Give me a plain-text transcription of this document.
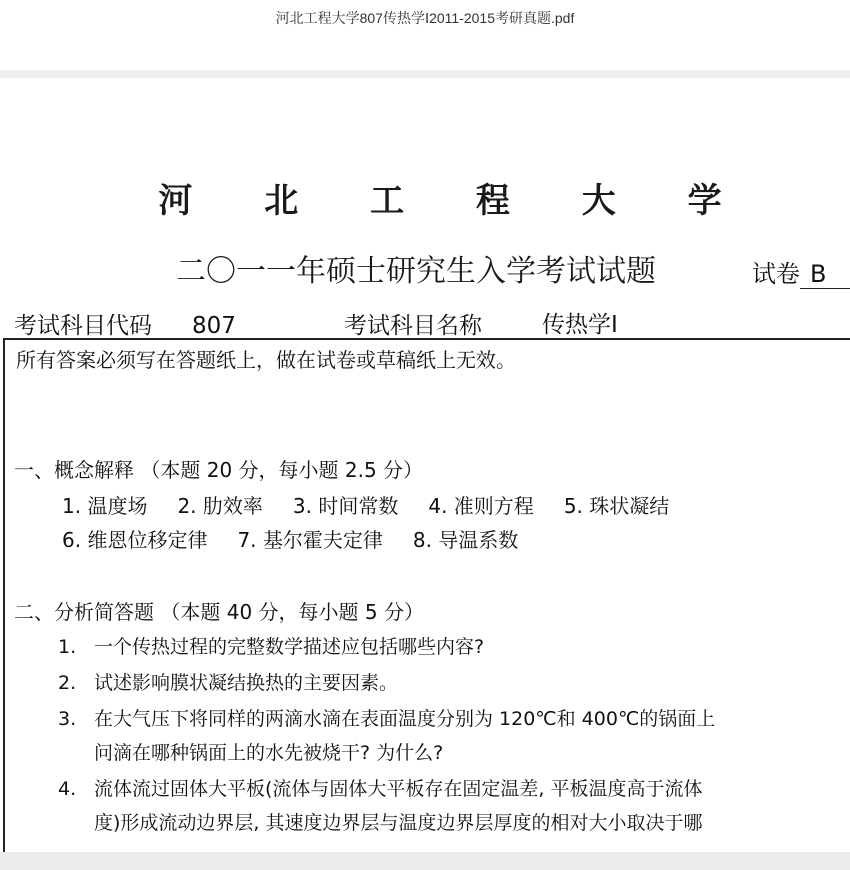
河北工程大学807传热学Ⅰ2011-2015考研真题.pdf
河 北 工 程 大 学
二〇一一年硕士研究生入学考试试题	试卷 B
考试科目代码 807	考试科目名称	传热学Ⅰ
所有答案必须写在答题纸上，做在试卷或草稿纸上无效。
一、概念解释 （本题 20 分，每小题 2.5 分）
1. 温度场 2. 肋效率 3. 时间常数 4. 准则方程 5. 珠状凝结
6. 维恩位移定律 7. 基尔霍夫定律 8. 导温系数
二、分析简答题 （本题 40 分，每小题 5 分）
1. 一个传热过程的完整数学描述应包括哪些内容?
2. 试述影响膜状凝结换热的主要因素。
3. 在大气压下将同样的两滴水滴在表面温度分别为 120℃和 400℃的锅面上
问滴在哪种锅面上的水先被烧干? 为什么?
4. 流体流过固体大平板(流体与固体大平板存在固定温差, 平板温度高于流体
度)形成流动边界层, 其速度边界层与温度边界层厚度的相对大小取决于哪
